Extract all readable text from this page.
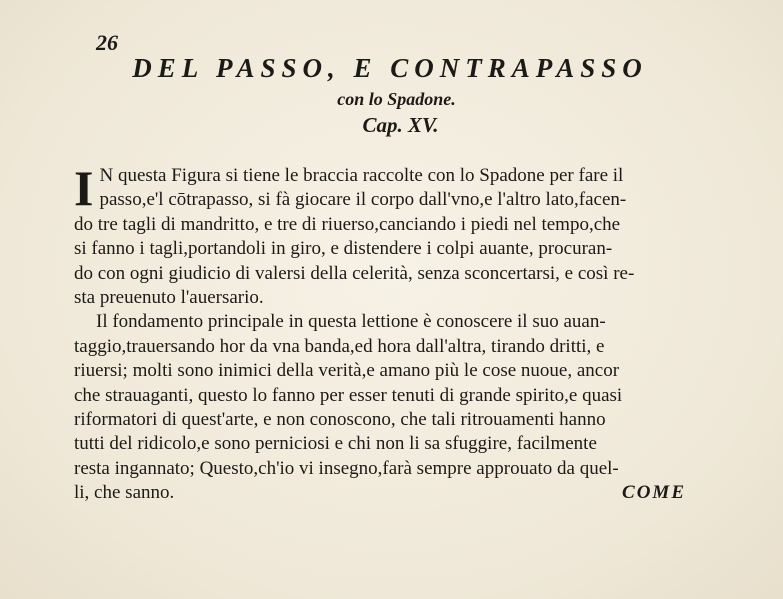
26
DEL PASSO, E CONTRAPASSO
con lo Spadone.
Cap. XV.

I N questa Figura si tiene le braccia raccolte con lo Spadone per fare il
passo,e'l cōtrapasso, si fà giocare il corpo dall'vno,e l'altro lato,facen-
do tre tagli di mandritto, e tre di riuerso,canciando i piedi nel tempo,che
si fanno i tagli,portandoli in giro, e distendere i colpi auante, procuran-
do con ogni giudicio di valersi della celerità, senza sconcertarsi, e così re-
sta preuenuto l'auersario.

Il fondamento principale in questa lettione è conoscere il suo auan-
taggio,trauersando hor da vna banda,ed hora dall'altra, tirando dritti, e
riuersi; molti sono inimici della verità,e amano più le cose nuoue, ancor
che strauaganti, questo lo fanno per esser tenuti di grande spirito,e quasi
riformatori di quest'arte, e non conoscono, che tali ritrouamenti hanno
tutti del ridicolo,e sono perniciosi e chi non li sa sfuggire, facilmente
resta ingannato; Questo,ch'io vi insegno,farà sempre approuato da quel-
li, che sanno.	COME
